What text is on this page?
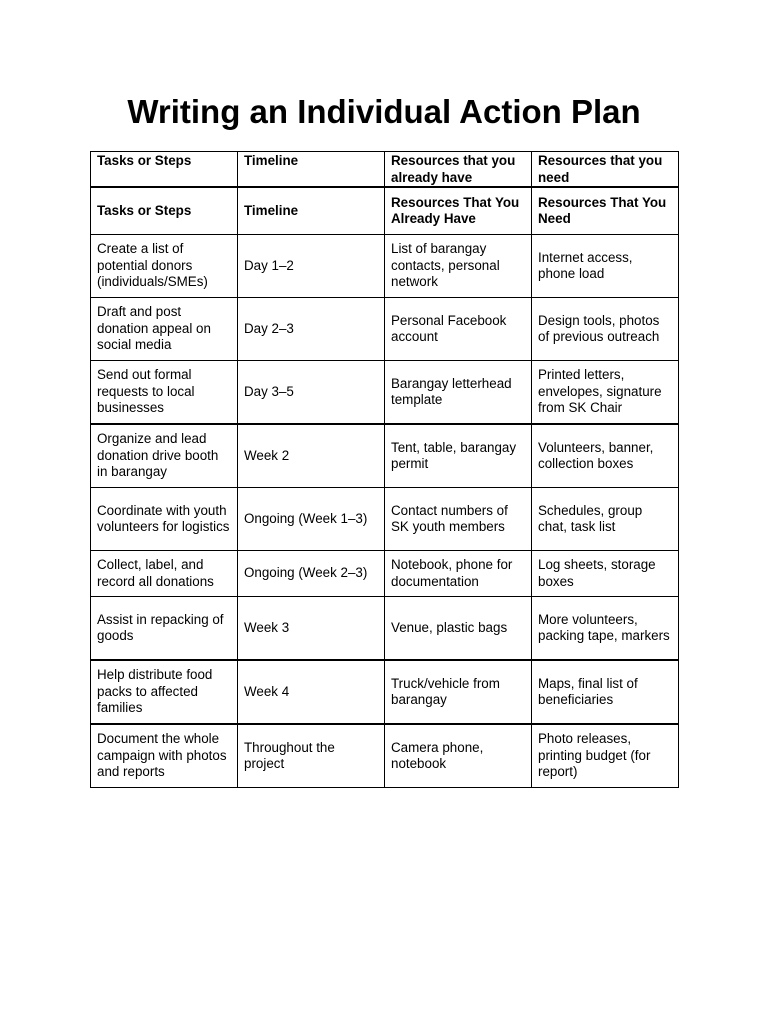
Writing an Individual Action Plan
Tasks or Steps	Timeline	Resources that you already have	Resources that you need
Tasks or Steps	Timeline	Resources That You Already Have	Resources That You Need
Create a list of potential donors (individuals/SMEs)	Day 1–2	List of barangay contacts, personal network	Internet access, phone load
Draft and post donation appeal on social media	Day 2–3	Personal Facebook account	Design tools, photos of previous outreach
Send out formal requests to local businesses	Day 3–5	Barangay letterhead template	Printed letters, envelopes, signature from SK Chair
Organize and lead donation drive booth in barangay	Week 2	Tent, table, barangay permit	Volunteers, banner, collection boxes
Coordinate with youth volunteers for logistics	Ongoing (Week 1–3)	Contact numbers of SK youth members	Schedules, group chat, task list
Collect, label, and record all donations	Ongoing (Week 2–3)	Notebook, phone for documentation	Log sheets, storage boxes
Assist in repacking of goods	Week 3	Venue, plastic bags	More volunteers, packing tape, markers
Help distribute food packs to affected families	Week 4	Truck/vehicle from barangay	Maps, final list of beneficiaries
Document the whole campaign with photos and reports	Throughout the project	Camera phone, notebook	Photo releases, printing budget (for report)
